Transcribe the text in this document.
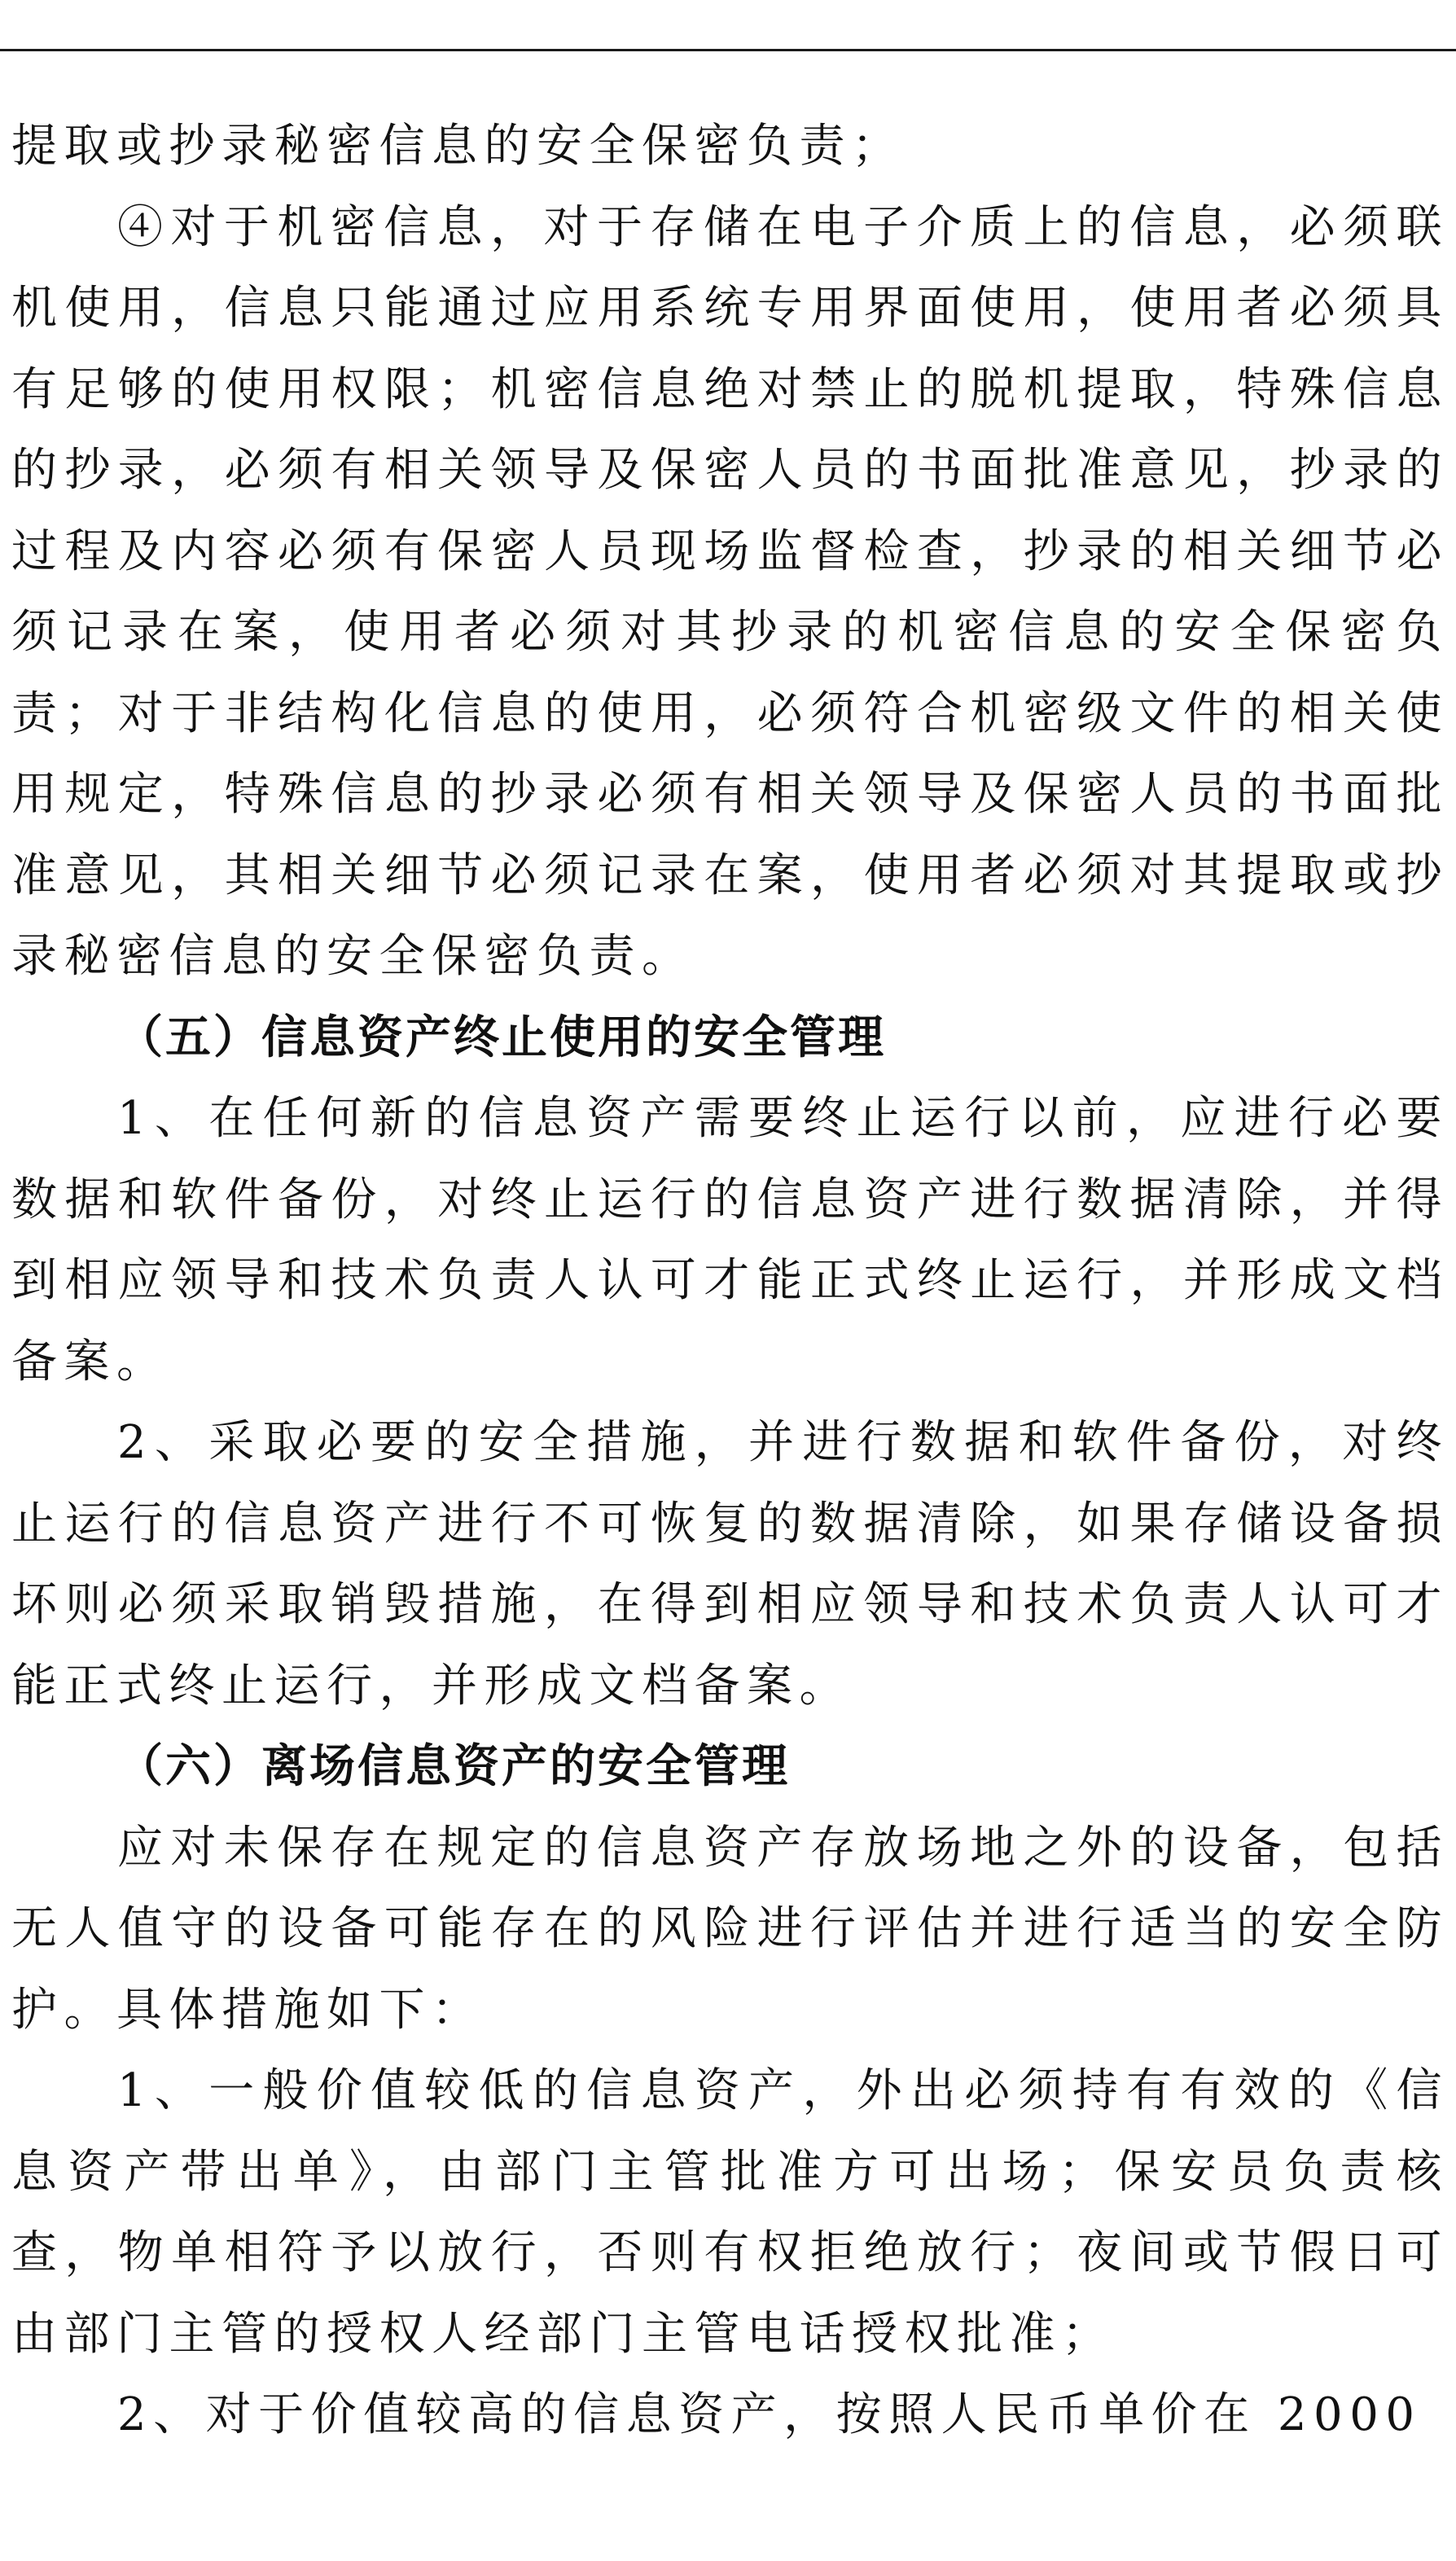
提取或抄录秘密信息的安全保密负责；

④对于机密信息，对于存储在电子介质上的信息，必须联机使用，信息只能通过应用系统专用界面使用，使用者必须具有足够的使用权限；机密信息绝对禁止的脱机提取，特殊信息的抄录，必须有相关领导及保密人员的书面批准意见，抄录的过程及内容必须有保密人员现场监督检查，抄录的相关细节必须记录在案，使用者必须对其抄录的机密信息的安全保密负责；对于非结构化信息的使用，必须符合机密级文件的相关使用规定，特殊信息的抄录必须有相关领导及保密人员的书面批准意见，其相关细节必须记录在案，使用者必须对其提取或抄录秘密信息的安全保密负责。

（五）信息资产终止使用的安全管理

1、在任何新的信息资产需要终止运行以前，应进行必要数据和软件备份，对终止运行的信息资产进行数据清除，并得到相应领导和技术负责人认可才能正式终止运行，并形成文档备案。

2、采取必要的安全措施，并进行数据和软件备份，对终止运行的信息资产进行不可恢复的数据清除，如果存储设备损坏则必须采取销毁措施，在得到相应领导和技术负责人认可才能正式终止运行，并形成文档备案。

（六）离场信息资产的安全管理

应对未保存在规定的信息资产存放场地之外的设备，包括无人值守的设备可能存在的风险进行评估并进行适当的安全防护。具体措施如下：

1、一般价值较低的信息资产，外出必须持有有效的《信息资产带出单》，由部门主管批准方可出场；保安员负责核查，物单相符予以放行，否则有权拒绝放行；夜间或节假日可由部门主管的授权人经部门主管电话授权批准；

2、对于价值较高的信息资产，按照人民币单价在 2000
